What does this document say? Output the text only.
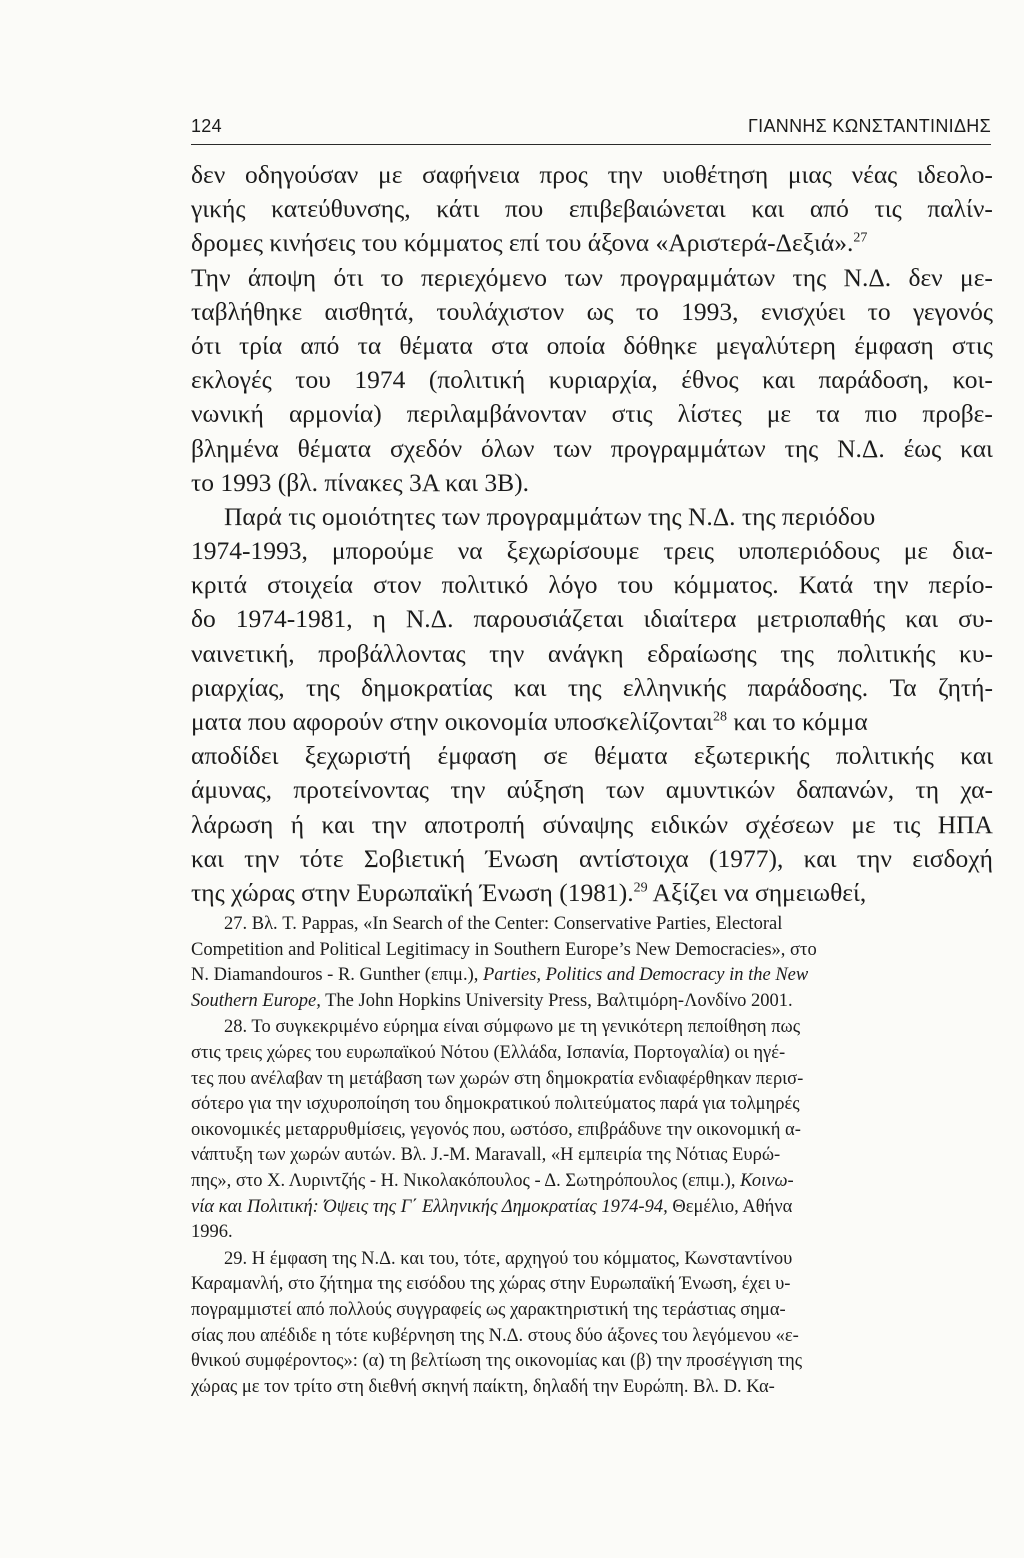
124	ΓΙΑΝΝΗΣ ΚΩΝΣΤΑΝΤΙΝΙΔΗΣ
δεν οδηγούσαν με σαφήνεια προς την υιοθέτηση μιας νέας ιδεολο-
γικής κατεύθυνσης, κάτι που επιβεβαιώνεται και από τις παλίν-
δρομες κινήσεις του κόμματος επί του άξονα «Αριστερά-Δεξιά».$^{27}$
Την άποψη ότι το περιεχόμενο των προγραμμάτων της Ν.Δ. δεν με-
ταβλήθηκε αισθητά, τουλάχιστον ως το 1993, ενισχύει το γεγονός
ότι τρία από τα θέματα στα οποία δόθηκε μεγαλύτερη έμφαση στις
εκλογές του 1974 (πολιτική κυριαρχία, έθνος και παράδοση, κοι-
νωνική αρμονία) περιλαμβάνονταν στις λίστες με τα πιο προβε-
βλημένα θέματα σχεδόν όλων των προγραμμάτων της Ν.Δ. έως και
το 1993 (βλ. πίνακες 3Α και 3Β).
Παρά τις ομοιότητες των προγραμμάτων της Ν.Δ. της περιόδου
1974-1993, μπορούμε να ξεχωρίσουμε τρεις υποπεριόδους με δια-
κριτά στοιχεία στον πολιτικό λόγο του κόμματος. Κατά την περίο-
δο 1974-1981, η Ν.Δ. παρουσιάζεται ιδιαίτερα μετριοπαθής και συ-
ναινετική, προβάλλοντας την ανάγκη εδραίωσης της πολιτικής κυ-
ριαρχίας, της δημοκρατίας και της ελληνικής παράδοσης. Τα ζητή-
ματα που αφορούν στην οικονομία υποσκελίζονται$^{28}$ και το κόμμα
αποδίδει ξεχωριστή έμφαση σε θέματα εξωτερικής πολιτικής και
άμυνας, προτείνοντας την αύξηση των αμυντικών δαπανών, τη χα-
λάρωση ή και την αποτροπή σύναψης ειδικών σχέσεων με τις ΗΠΑ
και την τότε Σοβιετική Ένωση αντίστοιχα (1977), και την εισδοχή
της χώρας στην Ευρωπαϊκή Ένωση (1981).$^{29}$ Αξίζει να σημειωθεί,
27. Βλ. T. Pappas, «In Search of the Center: Conservative Parties, Electoral
Competition and Political Legitimacy in Southern Europe’s New Democracies», στο
N. Diamandouros - R. Gunther (επιμ.), Parties, Politics and Democracy in the New
Southern Europe, The John Hopkins University Press, Βαλτιμόρη-Λονδίνο 2001.
28. Το συγκεκριμένο εύρημα είναι σύμφωνο με τη γενικότερη πεποίθηση πως
στις τρεις χώρες του ευρωπαϊκού Νότου (Ελλάδα, Ισπανία, Πορτογαλία) οι ηγέ-
τες που ανέλαβαν τη μετάβαση των χωρών στη δημοκρατία ενδιαφέρθηκαν περισ-
σότερο για την ισχυροποίηση του δημοκρατικού πολιτεύματος παρά για τολμηρές
οικονομικές μεταρρυθμίσεις, γεγονός που, ωστόσο, επιβράδυνε την οικονομική α-
νάπτυξη των χωρών αυτών. Βλ. J.-M. Maravall, «Η εμπειρία της Νότιας Ευρώ-
πης», στο Χ. Λυριντζής - Η. Νικολακόπουλος - Δ. Σωτηρόπουλος (επιμ.), Κοινω-
νία και Πολιτική: Όψεις της Γ΄ Ελληνικής Δημοκρατίας 1974-94, Θεμέλιο, Αθήνα
1996.
29. Η έμφαση της Ν.Δ. και του, τότε, αρχηγού του κόμματος, Κωνσταντίνου
Καραμανλή, στο ζήτημα της εισόδου της χώρας στην Ευρωπαϊκή Ένωση, έχει υ-
πογραμμιστεί από πολλούς συγγραφείς ως χαρακτηριστική της τεράστιας σημα-
σίας που απέδιδε η τότε κυβέρνηση της Ν.Δ. στους δύο άξονες του λεγόμενου «ε-
θνικού συμφέροντος»: (α) τη βελτίωση της οικονομίας και (β) την προσέγγιση της
χώρας με τον τρίτο στη διεθνή σκηνή παίκτη, δηλαδή την Ευρώπη. Βλ. D. Κα-
